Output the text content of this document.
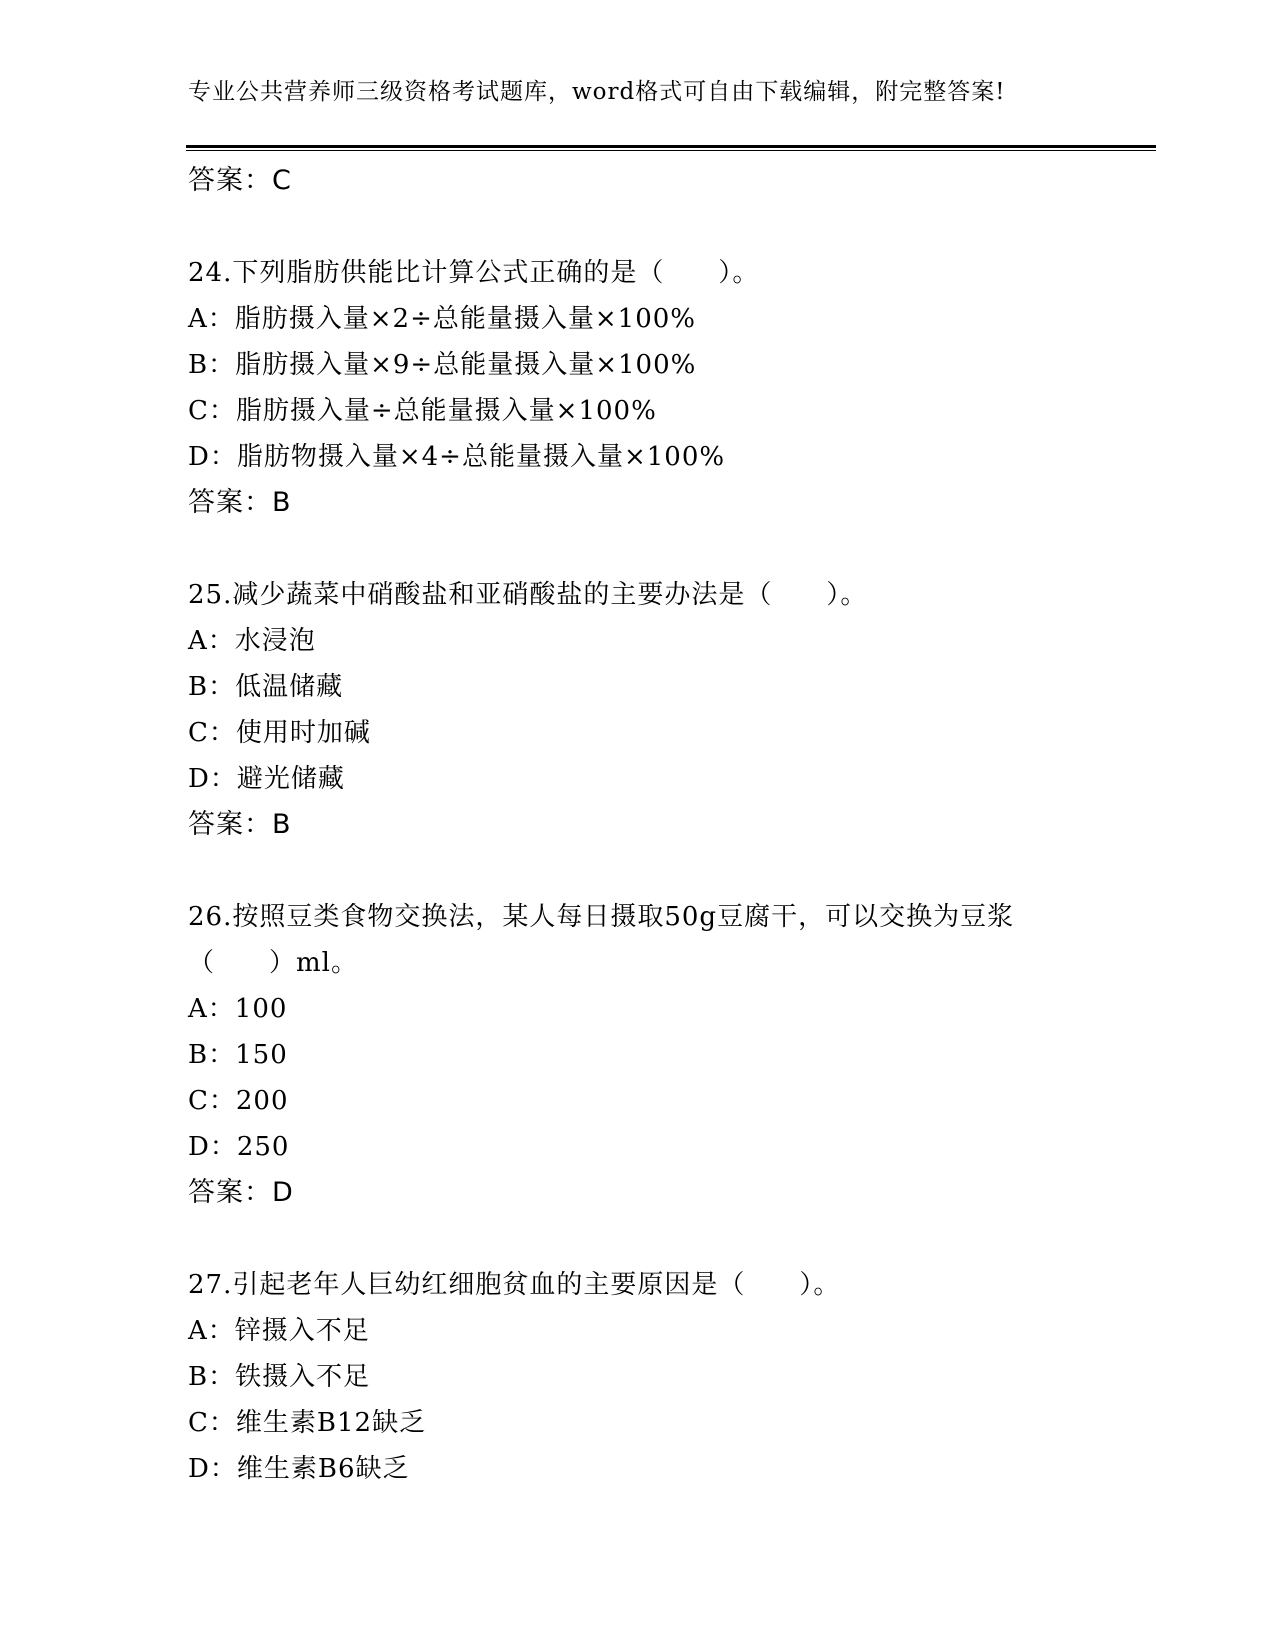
专业公共营养师三级资格考试题库，word格式可自由下载编辑，附完整答案!
答案：C
24.下列脂肪供能比计算公式正确的是（　　）。
A：脂肪摄入量×2÷总能量摄入量×100%
B：脂肪摄入量×9÷总能量摄入量×100%
C：脂肪摄入量÷总能量摄入量×100%
D：脂肪物摄入量×4÷总能量摄入量×100%
答案：B
25.减少蔬菜中硝酸盐和亚硝酸盐的主要办法是（　　）。
A：水浸泡
B：低温储藏
C：使用时加碱
D：避光储藏
答案：B
26.按照豆类食物交换法，某人每日摄取50g豆腐干，可以交换为豆浆
（　　）ml。
A：100
B：150
C：200
D：250
答案：D
27.引起老年人巨幼红细胞贫血的主要原因是（　　）。
A：锌摄入不足
B：铁摄入不足
C：维生素B12缺乏
D：维生素B6缺乏
